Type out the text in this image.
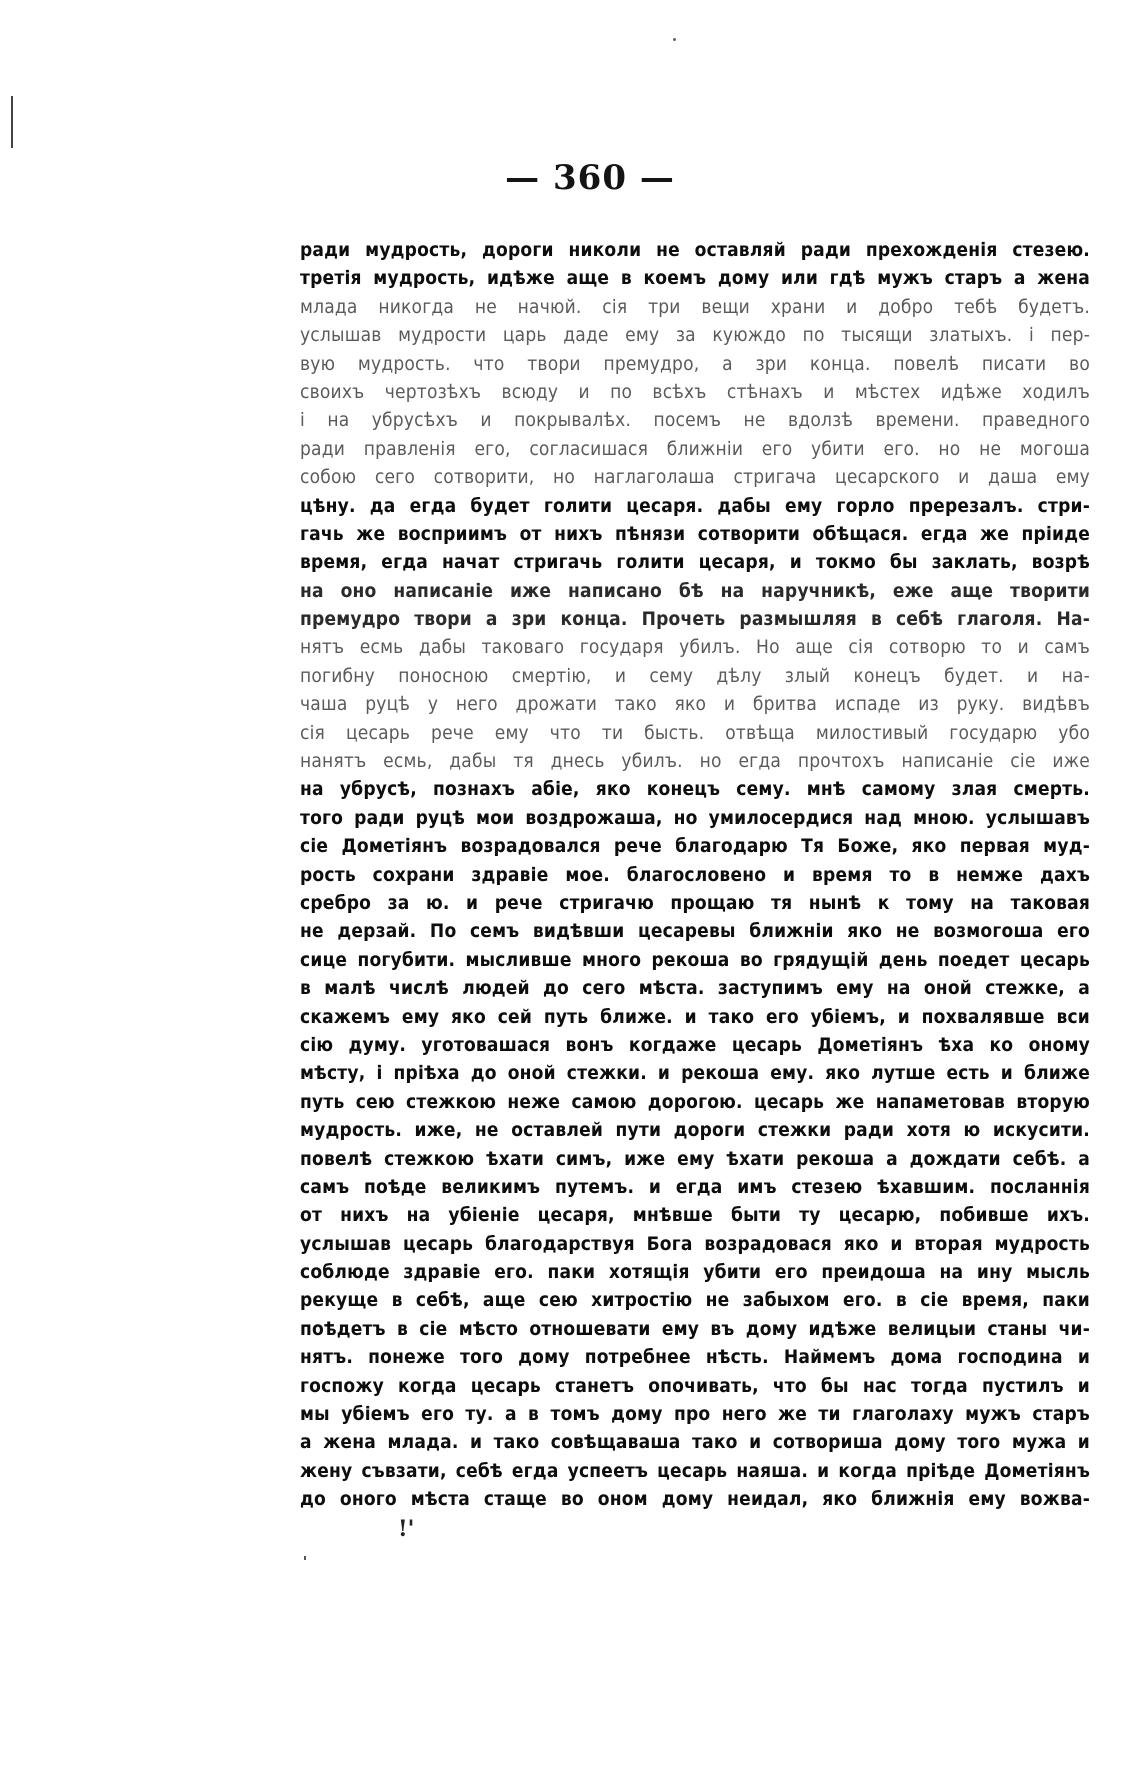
— 360 —
ради мудрость, дороги николи не оставляй ради прехожденія стезею.
третія мудрость, идѣже аще в коемъ дому или гдѣ мужъ старъ а жена
млада никогда не начюй. сія три вещи храни и добро тебѣ будетъ.
услышав мудрости царь даде ему за куюждо по тысящи златыхъ. і пер-
вую мудрость. что твори премудро, а зри конца. повелѣ писати во
своихъ чертозѣхъ всюду и по всѣхъ стѣнахъ и мѣстех идѣже ходилъ
і на убрусѣхъ и покрывалѣх. посемъ не вдолзѣ времени. праведного
ради правленія его, согласишася ближніи его убити его. но не могоша
собою сего сотворити, но наглаголаша стригача цесарского и даша ему
цѣну. да егда будет голити цесаря. дабы ему горло пререзалъ. стри-
гачь же восприимъ от нихъ пѣнязи сотворити обѣщася. егда же пріиде
время, егда начат стригачь голити цесаря, и токмо бы заклать, возрѣ
на оно написаніе иже написано бѣ на наручникѣ, еже аще творити
премудро твори а зри конца. Прочеть размышляя в себѣ глаголя. На-
нятъ есмь дабы таковаго государя убилъ. Но аще сія сотворю то и самъ
погибну поносною смертію, и сему дѣлу злый конецъ будет. и на-
чаша руцѣ у него дрожати тако яко и бритва испаде из руку. видѣвъ
сія цесарь рече ему что ти бысть. отвѣща милостивый государю убо
нанятъ есмь, дабы тя днесь убилъ. но егда прочтохъ написаніе сіе иже
на убрусѣ, познахъ абіе, яко конецъ сему. мнѣ самому злая смерть.
того ради руцѣ мои воздрожаша, но умилосердися над мною. услышавъ
сіе Дометіянъ возрадовался рече благодарю Тя Боже, яко первая муд-
рость сохрани здравіе мое. благословено и время то в немже дахъ
сребро за ю. и рече стригачю прощаю тя нынѣ к тому на таковая
не дерзай. По семъ видѣвши цесаревы ближніи яко не возмогоша его
сице погубити. мысливше много рекоша во грядущій день поедет цесарь
в малѣ числѣ людей до сего мѣста. заступимъ ему на оной стежке, а
скажемъ ему яко сей путь ближе. и тако его убіемъ, и похвалявше вси
сію думу. уготовашася вонъ когдаже цесарь Дометіянъ ѣха ко оному
мѣсту, і пріѣха до оной стежки. и рекоша ему. яко лутше есть и ближе
путь сею стежкою неже самою дорогою. цесарь же напаметовав вторую
мудрость. иже, не оставлей пути дороги стежки ради хотя ю искусити.
повелѣ стежкою ѣхати симъ, иже ему ѣхати рекоша а дождати себѣ. а
самъ поѣде великимъ путемъ. и егда имъ стезею ѣхавшим. посланнія
от нихъ на убіеніе цесаря, мнѣвше быти ту цесарю, побивше ихъ.
услышав цесарь благодарствуя Бога возрадовася яко и вторая мудрость
соблюде здравіе его. паки хотящія убити его преидоша на ину мысль
рекуще в себѣ, аще сею хитростію не забыхом его. в сіе время, паки
поѣдетъ в сіе мѣсто отношевати ему въ дому идѣже велицыи станы чи-
нятъ. понеже того дому потребнее нѣсть. Наймемъ дома господина и
госпожу когда цесарь станетъ опочивать, что бы нас тогда пустилъ и
мы убіемъ его ту. а в томъ дому про него же ти глаголаху мужъ старъ
а жена млада. и тако совѣщаваша тако и сотвориша дому того мужа и
жену съвзати, себѣ егда успеетъ цесарь наяша. и когда пріѣде Дометіянъ
до оного мѣста стаще во оном дому неидал, яко ближнія ему вожва-
!'
